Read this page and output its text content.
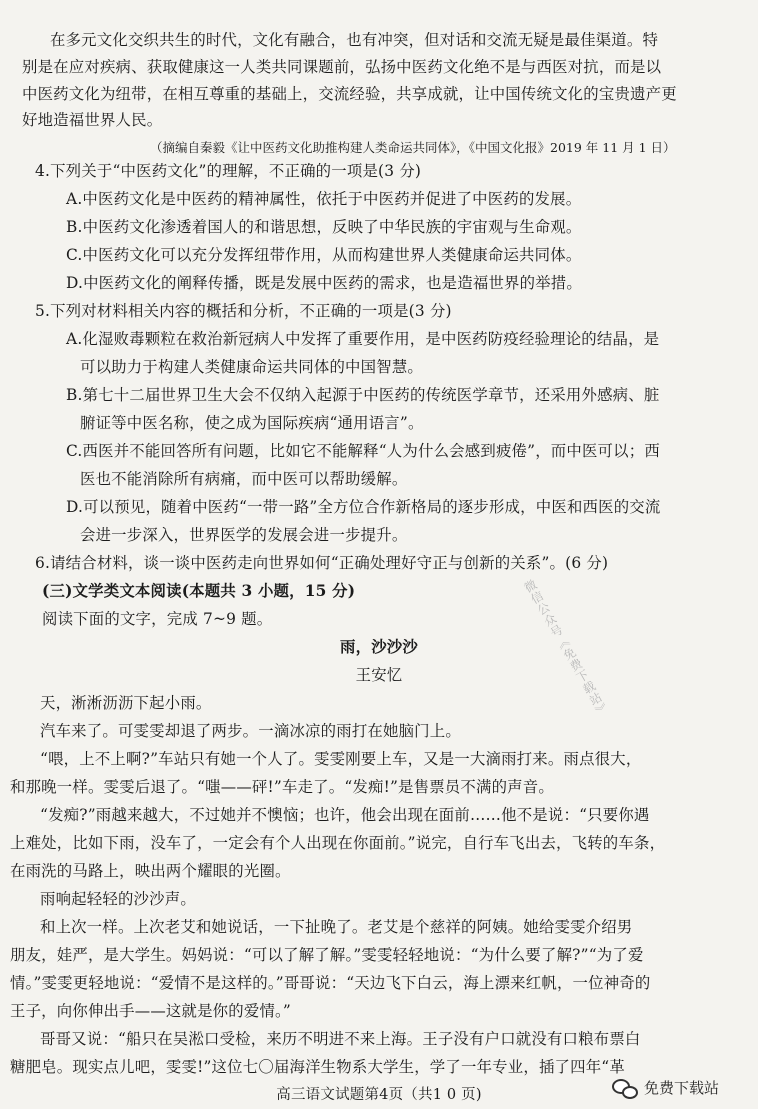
在多元文化交织共生的时代，文化有融合，也有冲突，但对话和交流无疑是最佳渠道。特

别是在应对疾病、获取健康这一人类共同课题前，弘扬中医药文化绝不是与西医对抗，而是以

中医药文化为纽带，在相互尊重的基础上，交流经验，共享成就，让中国传统文化的宝贵遗产更

好地造福世界人民。

（摘编自秦毅《让中医药文化助推构建人类命运共同体》，《中国文化报》2019 年 11 月 1 日）

4.下列关于“中医药文化”的理解，不正确的一项是(3 分)

A.中医药文化是中医药的精神属性，依托于中医药并促进了中医药的发展。

B.中医药文化渗透着国人的和谐思想，反映了中华民族的宇宙观与生命观。

C.中医药文化可以充分发挥纽带作用，从而构建世界人类健康命运共同体。

D.中医药文化的阐释传播，既是发展中医药的需求，也是造福世界的举措。

5.下列对材料相关内容的概括和分析，不正确的一项是(3 分)

A.化湿败毒颗粒在救治新冠病人中发挥了重要作用，是中医药防疫经验理论的结晶，是

可以助力于构建人类健康命运共同体的中国智慧。

B.第七十二届世界卫生大会不仅纳入起源于中医药的传统医学章节，还采用外感病、脏

腑证等中医名称，使之成为国际疾病“通用语言”。

C.西医并不能回答所有问题，比如它不能解释“人为什么会感到疲倦”，而中医可以；西

医也不能消除所有病痛，而中医可以帮助缓解。

D.可以预见，随着中医药“一带一路”全方位合作新格局的逐步形成，中医和西医的交流

会进一步深入，世界医学的发展会进一步提升。

6.请结合材料，谈一谈中医药走向世界如何“正确处理好守正与创新的关系”。(6 分)

(三)文学类文本阅读(本题共 3 小题，15 分)

阅读下面的文字，完成 7~9 题。

雨，沙沙沙

王安忆

天，淅淅沥沥下起小雨。

汽车来了。可雯雯却退了两步。一滴冰凉的雨打在她脑门上。

“喂，上不上啊?”车站只有她一个人了。雯雯刚要上车，又是一大滴雨打来。雨点很大，

和那晚一样。雯雯后退了。“嗤——砰!”车走了。“发痴!”是售票员不满的声音。

“发痴?”雨越来越大，不过她并不懊恼；也许，他会出现在面前……他不是说：“只要你遇

上难处，比如下雨，没车了，一定会有个人出现在你面前。”说完，自行车飞出去，飞转的车条，

在雨洗的马路上，映出两个耀眼的光圈。

雨响起轻轻的沙沙声。

和上次一样。上次老艾和她说话，一下扯晚了。老艾是个慈祥的阿姨。她给雯雯介绍男

朋友，娃严，是大学生。妈妈说：“可以了解了解。”雯雯轻轻地说：“为什么要了解?”“为了爱

情。”雯雯更轻地说：“爱情不是这样的。”哥哥说：“天边飞下白云，海上漂来红帆，一位神奇的

王子，向你伸出手——这就是你的爱情。”

哥哥又说：“船只在吴淞口受检，来历不明进不来上海。王子没有户口就没有口粮布票白

糖肥皂。现实点儿吧，雯雯!”这位七〇届海洋生物系大学生，学了一年专业，插了四年“革

微信公众号《免费下载站》

高三语文试题第4页（共1 0 页)	免费下载站
